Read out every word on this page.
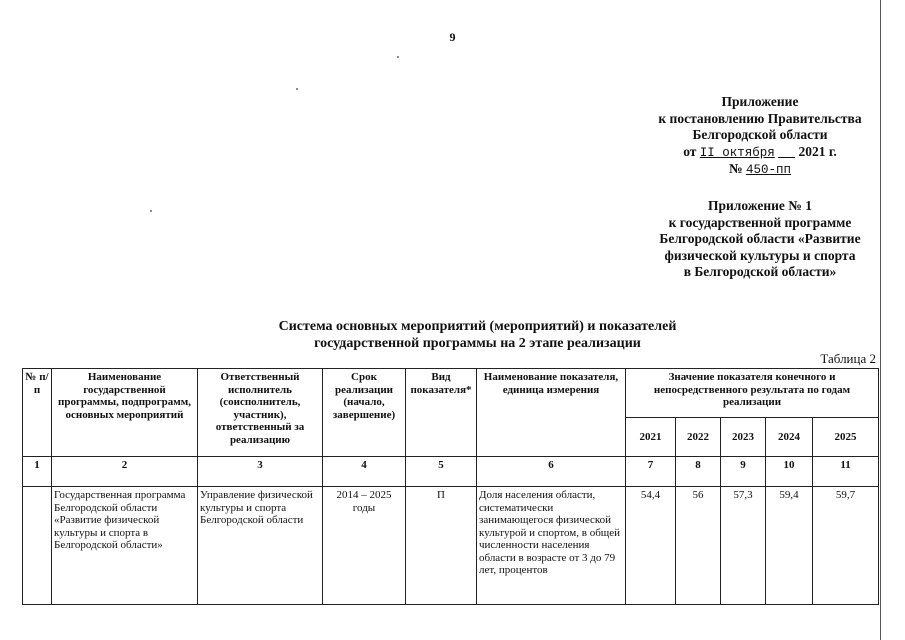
9
Приложение
к постановлению Правительства
Белгородской области
от II октября 2021 г.
№ 450-пп
Приложение № 1
к государственной программе
Белгородской области «Развитие
физической культуры и спорта
в Белгородской области»
Система основных мероприятий (мероприятий) и показателей
государственной программы на 2 этапе реализации
Таблица 2
№ п/п	Наименование государственной программы, подпрограмм, основных мероприятий	Ответственный исполнитель (соисполнитель, участник), ответственный за реализацию	Срок реализации (начало, завершение)	Вид показателя*	Наименование показателя, единица измерения	Значение показателя конечного и непосредственного результата по годам реализации				
						2021	2022	2023	2024	2025
1	2	3	4	5	6	7	8	9	10	11
	Государственная программа Белгородской области «Развитие физической культуры и спорта в Белгородской области»	Управление физической культуры и спорта Белгородской области	2014 – 2025 годы	П	Доля населения области, систематически занимающегося физической культурой и спортом, в общей численности населения области в возрасте от 3 до 79 лет, процентов	54,4	56	57,3	59,4	59,7
